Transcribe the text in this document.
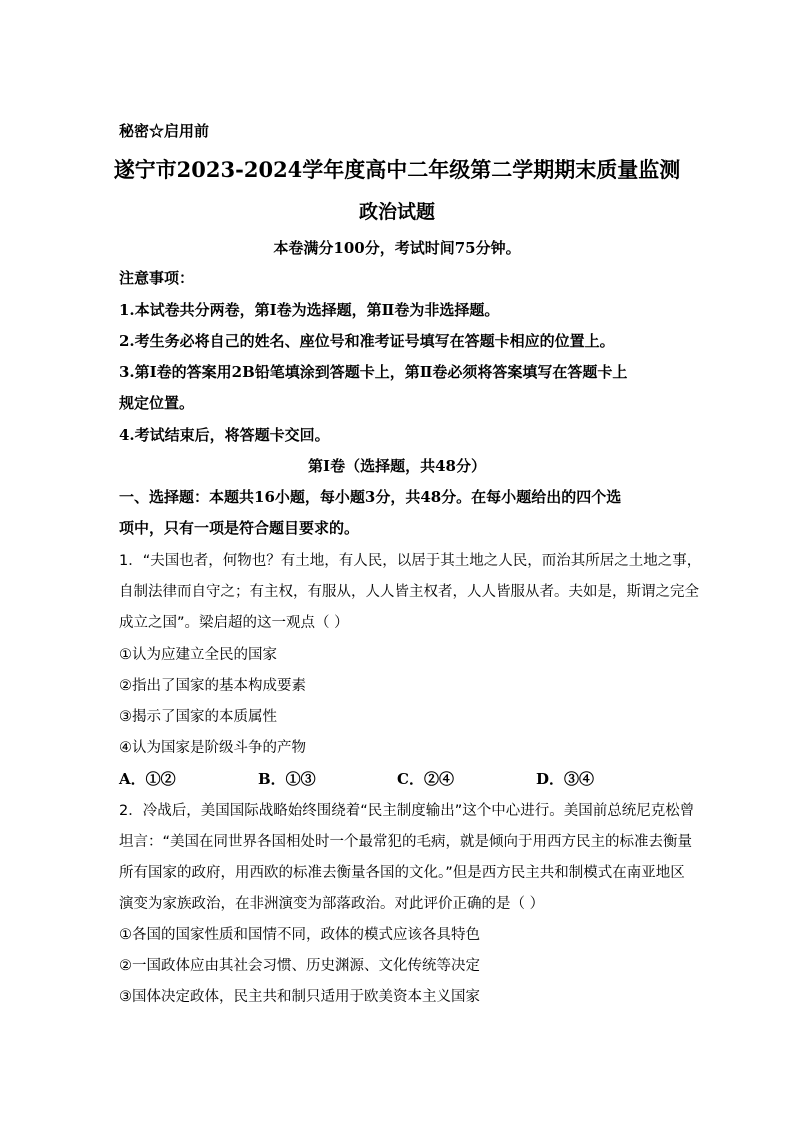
秘密☆启用前
遂宁市2023-2024学年度高中二年级第二学期期末质量监测
政治试题
本卷满分100分，考试时间75分钟。
注意事项：
1.本试卷共分两卷，第Ⅰ卷为选择题，第Ⅱ卷为非选择题。
2.考生务必将自己的姓名、座位号和准考证号填写在答题卡相应的位置上。
3.第Ⅰ卷的答案用2B铅笔填涂到答题卡上，第Ⅱ卷必须将答案填写在答题卡上
规定位置。
4.考试结束后，将答题卡交回。
第Ⅰ卷（选择题，共48分）
一、选择题：本题共16小题，每小题3分，共48分。在每小题给出的四个选
项中，只有一项是符合题目要求的。
1．“夫国也者，何物也？有土地，有人民，以居于其土地之人民，而治其所居之土地之事，
自制法律而自守之；有主权，有服从，人人皆主权者，人人皆服从者。夫如是，斯谓之完全
成立之国”。梁启超的这一观点（ ）
①认为应建立全民的国家
②指出了国家的基本构成要素
③揭示了国家的本质属性
④认为国家是阶级斗争的产物
A．①②	B．①③	C．②④	D．③④
2．冷战后，美国国际战略始终围绕着“民主制度输出”这个中心进行。美国前总统尼克松曾
坦言：“美国在同世界各国相处时一个最常犯的毛病，就是倾向于用西方民主的标准去衡量
所有国家的政府，用西欧的标准去衡量各国的文化。”但是西方民主共和制模式在南亚地区
演变为家族政治，在非洲演变为部落政治。对此评价正确的是（ ）
①各国的国家性质和国情不同，政体的模式应该各具特色
②一国政体应由其社会习惯、历史渊源、文化传统等决定
③国体决定政体，民主共和制只适用于欧美资本主义国家
